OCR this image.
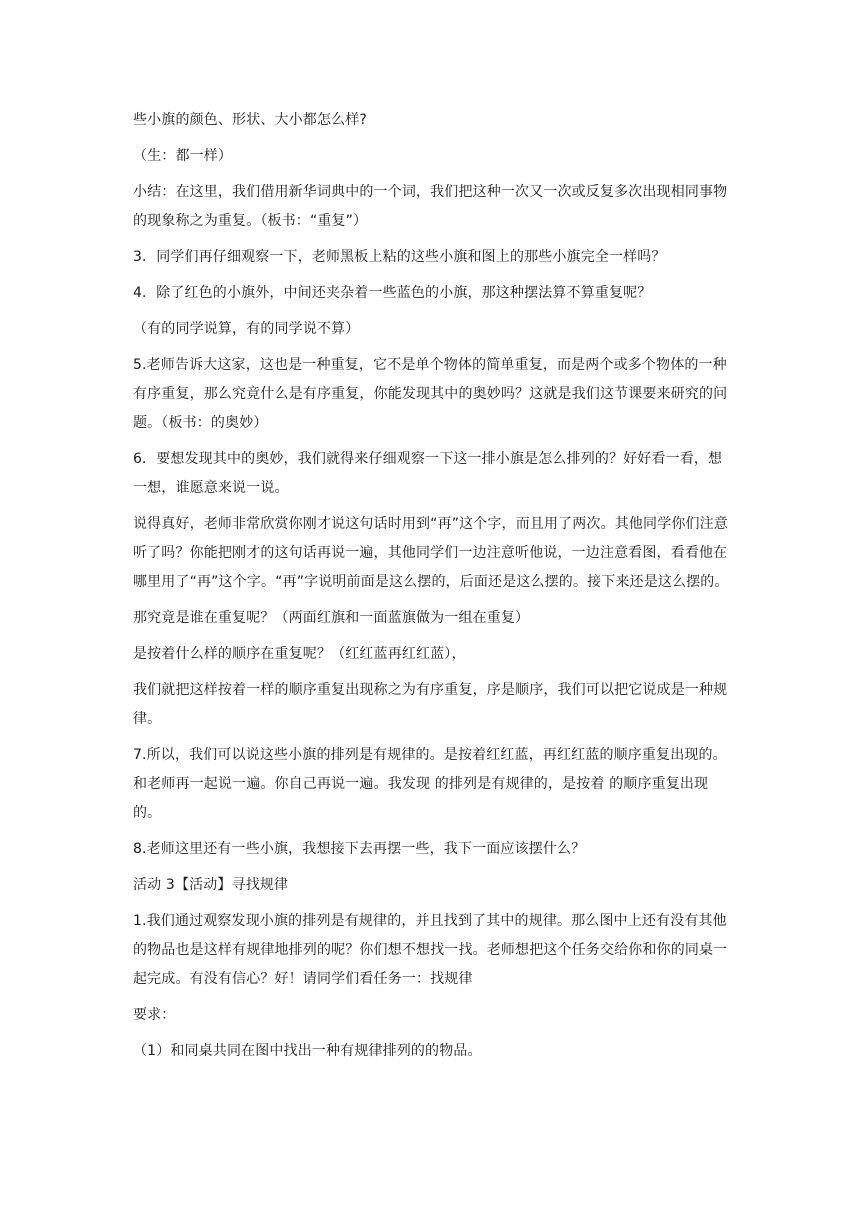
些小旗的颜色、形状、大小都怎么样?

（生：都一样）

小结：在这里，我们借用新华词典中的一个词，我们把这种一次又一次或反复多次出现相同事物的现象称之为重复。（板书：“重复”）

3．同学们再仔细观察一下，老师黑板上粘的这些小旗和图上的那些小旗完全一样吗？

4．除了红色的小旗外，中间还夹杂着一些蓝色的小旗，那这种摆法算不算重复呢？

（有的同学说算，有的同学说不算）

5.老师告诉大这家，这也是一种重复，它不是单个物体的简单重复，而是两个或多个物体的一种有序重复，那么究竟什么是有序重复，你能发现其中的奥妙吗？这就是我们这节课要来研究的问题。（板书：的奥妙）

6．要想发现其中的奥妙，我们就得来仔细观察一下这一排小旗是怎么排列的？好好看一看，想一想，谁愿意来说一说。

说得真好，老师非常欣赏你刚才说这句话时用到“再”这个字，而且用了两次。其他同学你们注意听了吗？你能把刚才的这句话再说一遍，其他同学们一边注意听他说，一边注意看图，看看他在哪里用了“再”这个字。“再”字说明前面是这么摆的，后面还是这么摆的。接下来还是这么摆的。

那究竟是谁在重复呢？（两面红旗和一面蓝旗做为一组在重复）

是按着什么样的顺序在重复呢？（红红蓝再红红蓝），

我们就把这样按着一样的顺序重复出现称之为有序重复，序是顺序，我们可以把它说成是一种规律。

7.所以，我们可以说这些小旗的排列是有规律的。是按着红红蓝，再红红蓝的顺序重复出现的。和老师再一起说一遍。你自己再说一遍。我发现 的排列是有规律的，是按着 的顺序重复出现的。

8.老师这里还有一些小旗，我想接下去再摆一些，我下一面应该摆什么？

活动 3【活动】寻找规律

1.我们通过观察发现小旗的排列是有规律的，并且找到了其中的规律。那么图中上还有没有其他的物品也是这样有规律地排列的呢？你们想不想找一找。老师想把这个任务交给你和你的同桌一起完成。有没有信心？好！请同学们看任务一：找规律

要求：

（1）和同桌共同在图中找出一种有规律排列的的物品。
